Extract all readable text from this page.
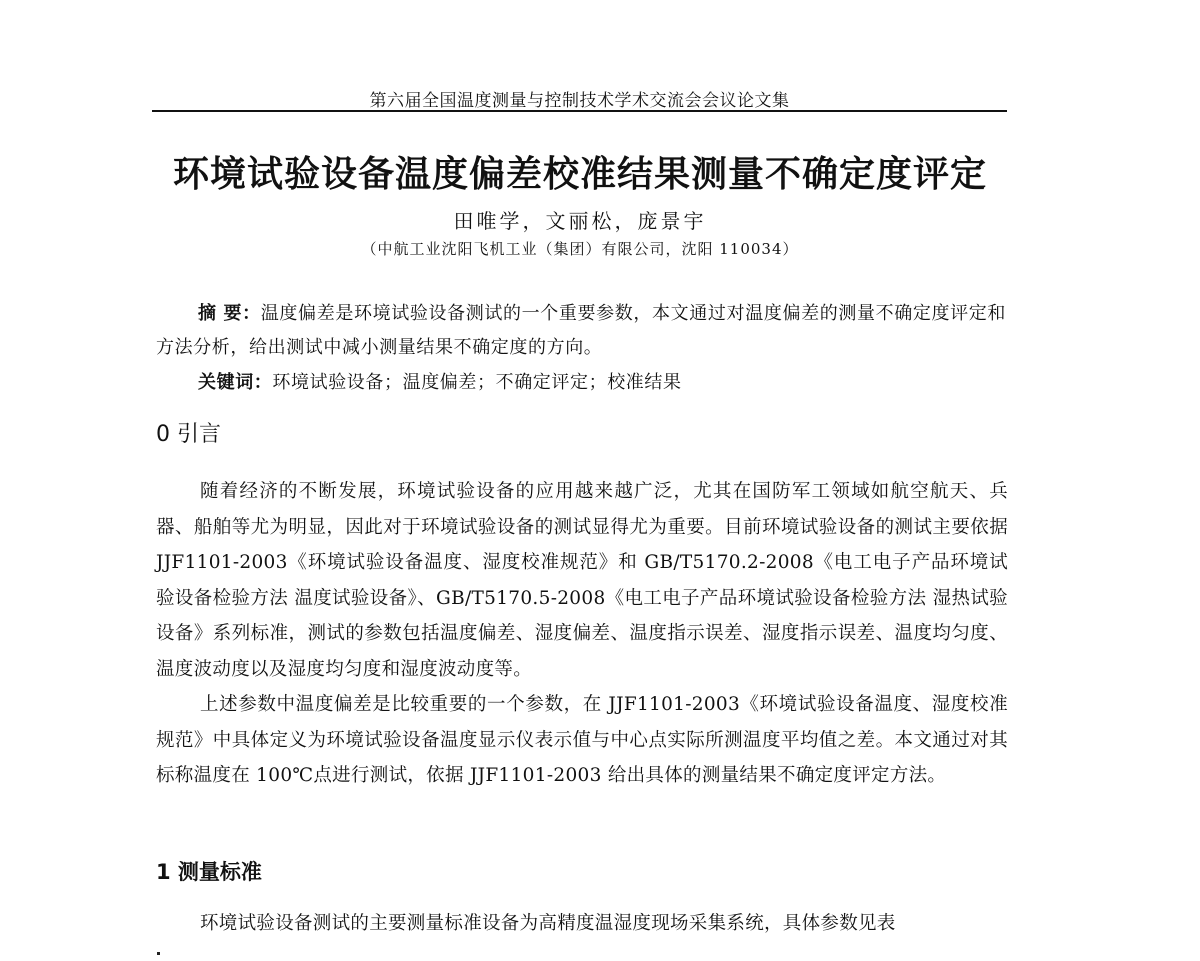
第六届全国温度测量与控制技术学术交流会会议论文集
环境试验设备温度偏差校准结果测量不确定度评定
田唯学，文丽松，庞景宇
（中航工业沈阳飞机工业（集团）有限公司，沈阳 110034）
摘 要：温度偏差是环境试验设备测试的一个重要参数，本文通过对温度偏差的测量不确定度评定和方法分析，给出测试中减小测量结果不确定度的方向。
关键词：环境试验设备；温度偏差；不确定评定；校准结果
0 引言
随着经济的不断发展，环境试验设备的应用越来越广泛，尤其在国防军工领域如航空航天、兵器、船舶等尤为明显，因此对于环境试验设备的测试显得尤为重要。目前环境试验设备的测试主要依据 JJF1101-2003《环境试验设备温度、湿度校准规范》和 GB/T5170.2-2008《电工电子产品环境试验设备检验方法 温度试验设备》、GB/T5170.5-2008《电工电子产品环境试验设备检验方法 湿热试验设备》系列标准，测试的参数包括温度偏差、湿度偏差、温度指示误差、湿度指示误差、温度均匀度、温度波动度以及湿度均匀度和湿度波动度等。
上述参数中温度偏差是比较重要的一个参数，在 JJF1101-2003《环境试验设备温度、湿度校准规范》中具体定义为环境试验设备温度显示仪表示值与中心点实际所测温度平均值之差。本文通过对其标称温度在 100℃点进行测试，依据 JJF1101-2003 给出具体的测量结果不确定度评定方法。
1 测量标准
环境试验设备测试的主要测量标准设备为高精度温湿度现场采集系统，具体参数见表
